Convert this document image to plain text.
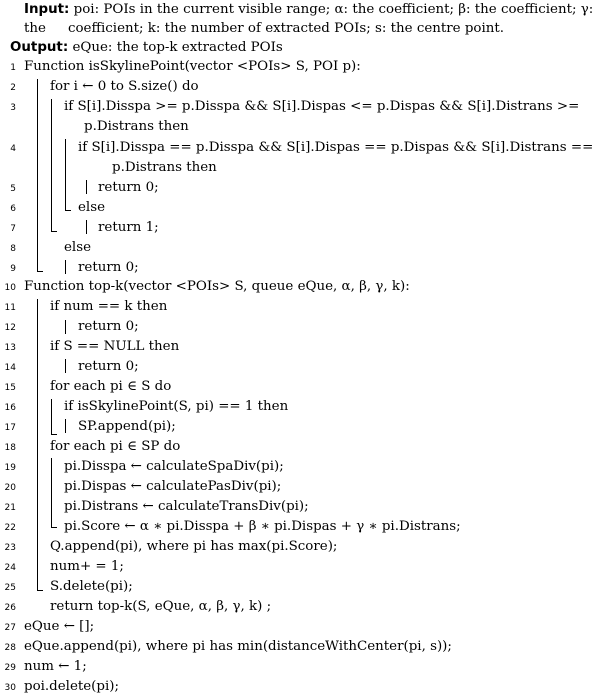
Input: poi: POIs in the current visible range; α: the coefficient; β: the coefficient; γ: the	coefficient; k: the number of extracted POIs; s: the centre point.
Output: eQue: the top-k extracted POIs
1 Function isSkylinePoint(vector <POIs> S, POI p):
2	for i ← 0 to S.size() do
3	if S[i].Disspa >= p.Disspa && S[i].Dispas <= p.Dispas && S[i].Distrans >=
p.Distrans then
4	if S[i].Disspa == p.Disspa && S[i].Dispas == p.Dispas && S[i].Distrans ==
p.Distrans then
5	return 0;
6	else
7	return 1;
8	else
9	return 0;
10 Function top-k(vector <POIs> S, queue eQue, α, β, γ, k):
11	if num == k then
12	return 0;
13	if S == NULL then
14	return 0;
15	for each pi ∈ S do
16	if isSkylinePoint(S, pi) == 1 then
17	SP.append(pi);
18	for each pi ∈ SP do
19	pi.Disspa ← calculateSpaDiv(pi);
20	pi.Dispas ← calculatePasDiv(pi);
21	pi.Distrans ← calculateTransDiv(pi);
22	pi.Score ← α ∗ pi.Disspa + β ∗ pi.Dispas + γ ∗ pi.Distrans;
23	Q.append(pi), where pi has max(pi.Score);
24	num+ = 1;
25	S.delete(pi);
26	return top-k(S, eQue, α, β, γ, k) ;
27 eQue ← [];
28 eQue.append(pi), where pi has min(distanceWithCenter(pi, s));
29 num ← 1;
30 poi.delete(pi);
